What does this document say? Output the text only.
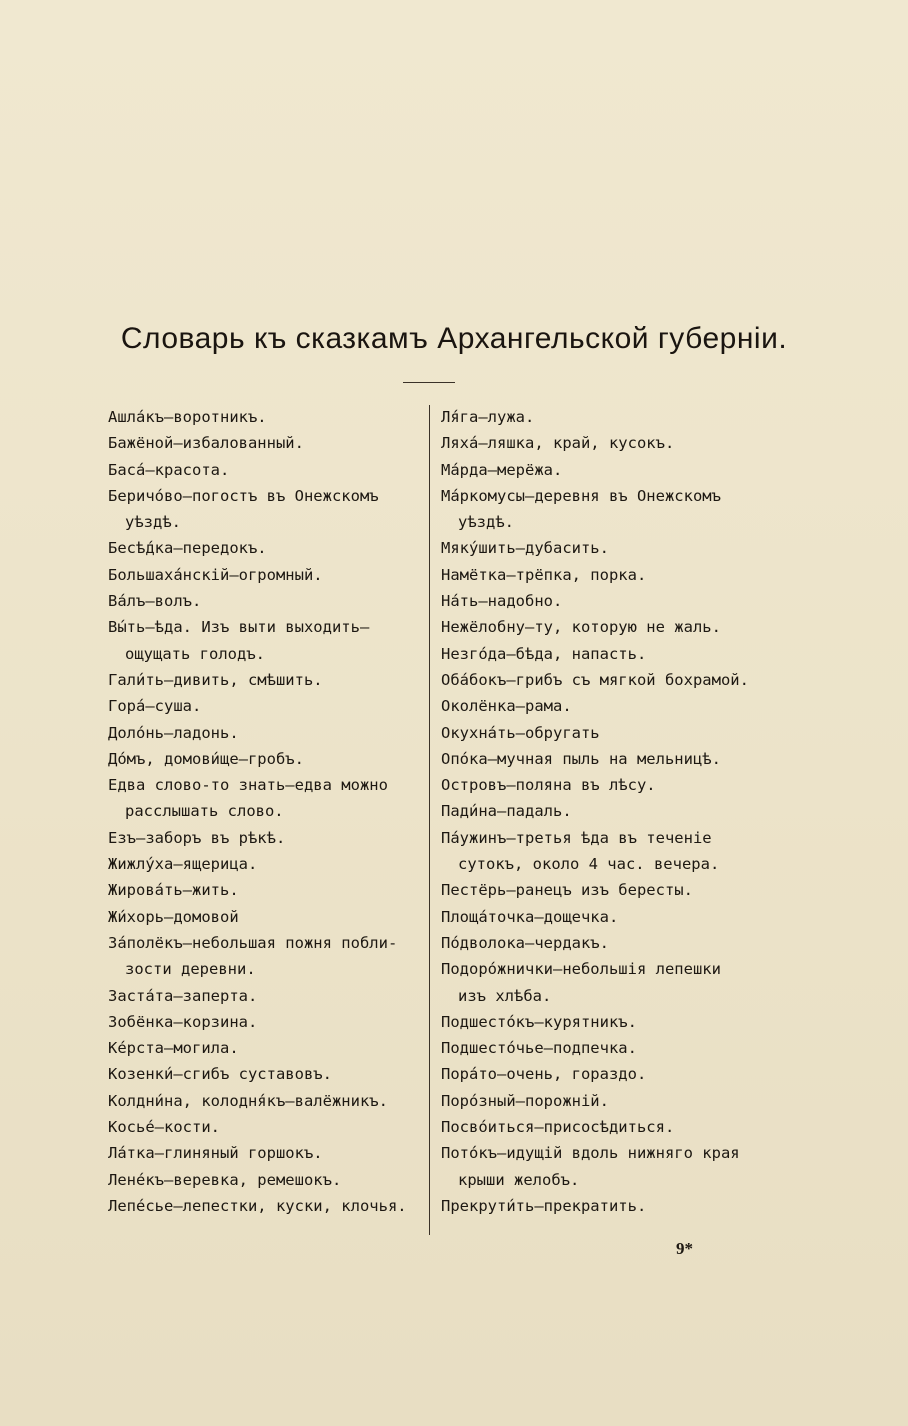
Словарь къ сказкамъ Архангельской губерніи.
Ашла́къ—воротникъ.
Бажёной—избалованный.
Баса́—красота.
Беричо́во—погостъ въ Онежскомъ
уѣздѣ.
Бесѣ́дка—передокъ.
Большаха́нскій—огромный.
Ва́лъ—волъ.
Вы́ть—ѣда. Изъ выти выходить—
ощущать голодъ.
Гали́ть—дивить, смѣшить.
Гора́—суша.
Доло́нь—ладонь.
До́мъ, домови́ще—гробъ.
Едва слово-то знать—едва можно
расслышать слово.
Езъ—заборъ въ рѣкѣ.
Жижлу́ха—ящерица.
Жирова́ть—жить.
Жи́хорь—домовой
За́полёкъ—небольшая пожня побли-
зости деревни.
Заста́та—заперта.
Зобёнка—корзина.
Ке́рста—могила.
Козенки́—сгибъ суставовъ.
Колдни́на, колодня́къ—валёжникъ.
Косье́—кости.
Ла́тка—глиняный горшокъ.
Лене́къ—веревка, ремешокъ.
Лепе́сье—лепестки, куски, клочья.
Ля́га—лужа.
Ляха́—ляшка, край, кусокъ.
Ма́рда—мерёжа.
Ма́ркомусы—деревня въ Онежскомъ
уѣздѣ.
Мяку́шить—дубасить.
Намётка—трёпка, порка.
На́ть—надобно.
Нежёлобну—ту, которую не жаль.
Незго́да—бѣда, напасть.
Оба́бокъ—грибъ съ мягкой бохрамой.
Околёнка—рама.
Окухна́ть—обругать
Опо́ка—мучная пыль на мельницѣ.
Островъ—поляна въ лѣсу.
Пади́на—падаль.
Па́ужинъ—третья ѣда въ теченіе
сутокъ, около 4 час. вечера.
Пестёрь—ранецъ изъ бересты.
Площа́точка—дощечка.
По́дволока—чердакъ.
Подоро́жнички—небольшія лепешки
изъ хлѣба.
Подшесто́къ—курятникъ.
Подшесто́чье—подпечка.
Пора́то—очень, гораздо.
Поро́зный—порожній.
Посво́иться—присосѣдиться.
Пото́къ—идущій вдоль нижняго края
крыши желобъ.
Прекрути́ть—прекратить.
9*
